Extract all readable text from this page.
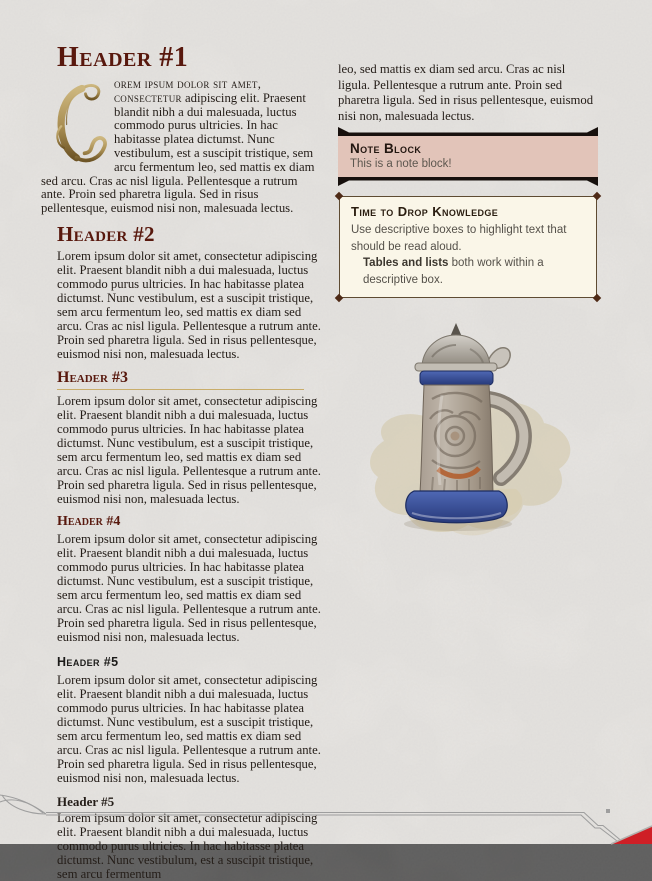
Header #1

orem ipsum dolor sit amet, consectetur adipiscing elit. Praesent blandit nibh a dui malesuada, luctus commodo purus ultricies. In hac habitasse platea dictumst. Nunc vestibulum, est a suscipit tristique, sem arcu fermentum leo, sed mattis ex diam sed arcu. Cras ac nisl ligula. Pellentesque a rutrum ante. Proin sed pharetra ligula. Sed in risus pellentesque, euismod nisi non, malesuada lectus.

Header #2

Lorem ipsum dolor sit amet, consectetur adipiscing elit. Praesent blandit nibh a dui malesuada, luctus commodo purus ultricies. In hac habitasse platea dictumst. Nunc vestibulum, est a suscipit tristique, sem arcu fermentum leo, sed mattis ex diam sed arcu. Cras ac nisl ligula. Pellentesque a rutrum ante. Proin sed pharetra ligula. Sed in risus pellentesque, euismod nisi non, malesuada lectus.

Header #3

Lorem ipsum dolor sit amet, consectetur adipiscing elit. Praesent blandit nibh a dui malesuada, luctus commodo purus ultricies. In hac habitasse platea dictumst. Nunc vestibulum, est a suscipit tristique, sem arcu fermentum leo, sed mattis ex diam sed arcu. Cras ac nisl ligula. Pellentesque a rutrum ante. Proin sed pharetra ligula. Sed in risus pellentesque, euismod nisi non, malesuada lectus.

Header #4

Lorem ipsum dolor sit amet, consectetur adipiscing elit. Praesent blandit nibh a dui malesuada, luctus commodo purus ultricies. In hac habitasse platea dictumst. Nunc vestibulum, est a suscipit tristique, sem arcu fermentum leo, sed mattis ex diam sed arcu. Cras ac nisl ligula. Pellentesque a rutrum ante. Proin sed pharetra ligula. Sed in risus pellentesque, euismod nisi non, malesuada lectus.

Header #5

Lorem ipsum dolor sit amet, consectetur adipiscing elit. Praesent blandit nibh a dui malesuada, luctus commodo purus ultricies. In hac habitasse platea dictumst. Nunc vestibulum, est a suscipit tristique, sem arcu fermentum leo, sed mattis ex diam sed arcu. Cras ac nisl ligula. Pellentesque a rutrum ante. Proin sed pharetra ligula. Sed in risus pellentesque, euismod nisi non, malesuada lectus.

Header #5

Lorem ipsum dolor sit amet, consectetur adipiscing elit. Praesent blandit nibh a dui malesuada, luctus commodo purus ultricies. In hac habitasse platea dictumst. Nunc vestibulum, est a suscipit tristique, sem arcu fermentum

leo, sed mattis ex diam sed arcu. Cras ac nisl ligula. Pellentesque a rutrum ante. Proin sed pharetra ligula. Sed in risus pellentesque, euismod nisi non, malesuada lectus.

Note Block
This is a note block!
Time to Drop Knowledge

Use descriptive boxes to highlight text that should be read aloud.

Tables and lists both work within a descriptive box.
